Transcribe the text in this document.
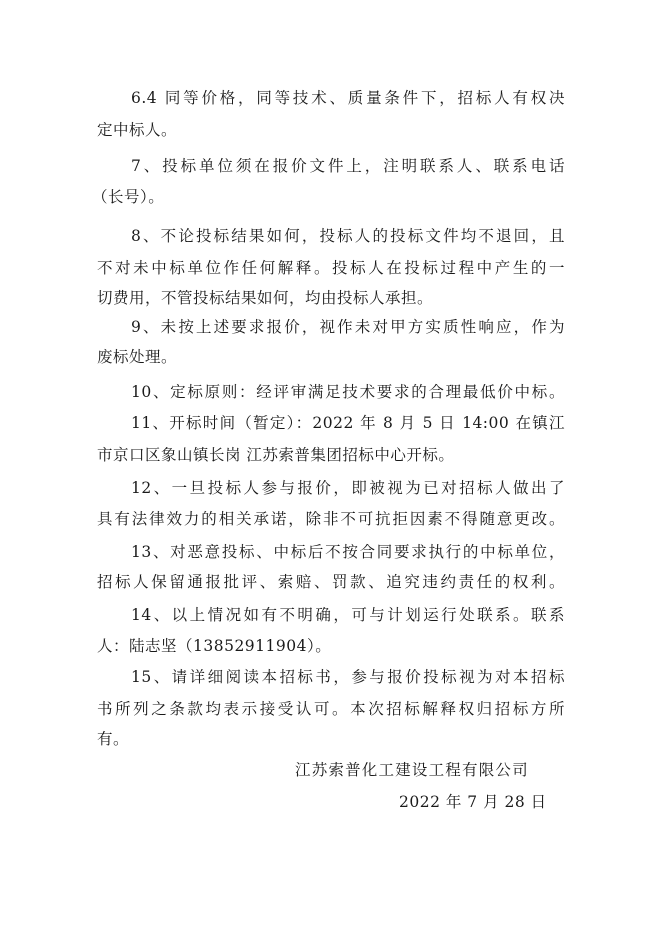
6.4 同等价格，同等技术、质量条件下，招标人有权决
定中标人。
7、投标单位须在报价文件上，注明联系人、联系电话
（长号）。
8、不论投标结果如何，投标人的投标文件均不退回，且
不对未中标单位作任何解释。投标人在投标过程中产生的一
切费用，不管投标结果如何，均由投标人承担。
9、未按上述要求报价，视作未对甲方实质性响应，作为
废标处理。
10、定标原则：经评审满足技术要求的合理最低价中标。
11、开标时间（暂定）：2022 年 8 月 5 日 14:00 在镇江
市京口区象山镇长岗 江苏索普集团招标中心开标。
12、一旦投标人参与报价，即被视为已对招标人做出了
具有法律效力的相关承诺，除非不可抗拒因素不得随意更改。
13、对恶意投标、中标后不按合同要求执行的中标单位，
招标人保留通报批评、索赔、罚款、追究违约责任的权利。
14、以上情况如有不明确，可与计划运行处联系。联系
人：陆志坚（13852911904）。
15、请详细阅读本招标书，参与报价投标视为对本招标
书所列之条款均表示接受认可。本次招标解释权归招标方所
有。
江苏索普化工建设工程有限公司
2022 年 7 月 28 日
